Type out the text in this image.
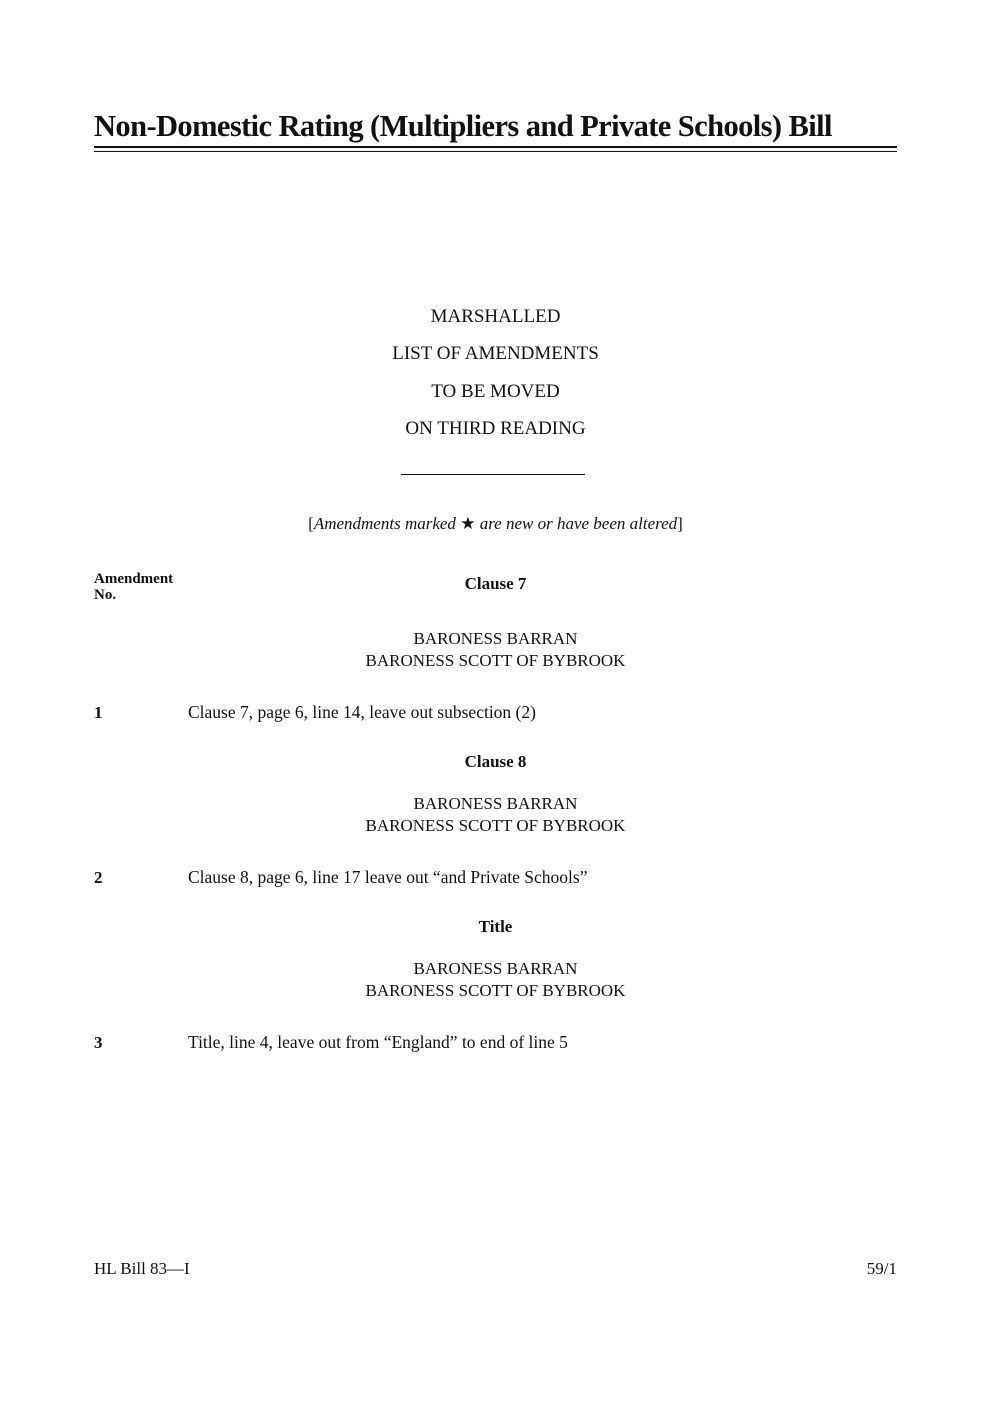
Non-Domestic Rating (Multipliers and Private Schools) Bill
MARSHALLED
LIST OF AMENDMENTS
TO BE MOVED
ON THIRD READING
[Amendments marked ★ are new or have been altered]
Amendment
No.
Clause 7
BARONESS BARRAN
BARONESS SCOTT OF BYBROOK
1	Clause 7, page 6, line 14, leave out subsection (2)
Clause 8
BARONESS BARRAN
BARONESS SCOTT OF BYBROOK
2	Clause 8, page 6, line 17 leave out “and Private Schools”
Title
BARONESS BARRAN
BARONESS SCOTT OF BYBROOK
3	Title, line 4, leave out from “England” to end of line 5
HL Bill 83—I	59/1
